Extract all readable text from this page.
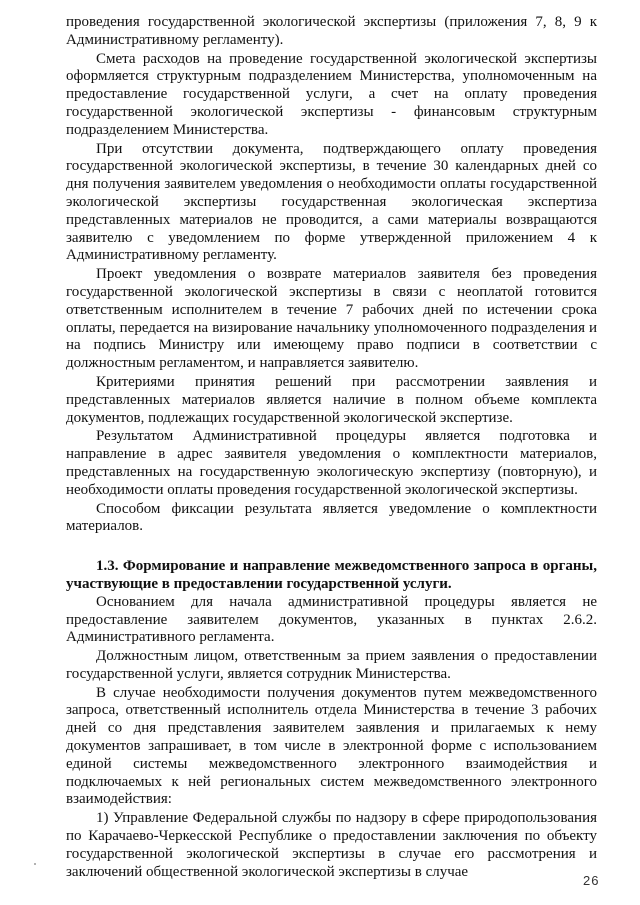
проведения государственной экологической экспертизы (приложения 7, 8, 9 к Административному регламенту).

Смета расходов на проведение государственной экологической экспертизы оформляется структурным подразделением Министерства, уполномоченным на предоставление государственной услуги, а счет на оплату проведения государственной экологической экспертизы - финансовым структурным подразделением Министерства.

При отсутствии документа, подтверждающего оплату проведения государственной экологической экспертизы, в течение 30 календарных дней со дня получения заявителем уведомления о необходимости оплаты государственной экологической экспертизы государственная экологическая экспертиза представленных материалов не проводится, а сами материалы возвращаются заявителю с уведомлением по форме утвержденной приложением 4 к Административному регламенту.

Проект уведомления о возврате материалов заявителя без проведения государственной экологической экспертизы в связи с неоплатой готовится ответственным исполнителем в течение 7 рабочих дней по истечении срока оплаты, передается на визирование начальнику уполномоченного подразделения и на подпись Министру или имеющему право подписи в соответствии с должностным регламентом, и направляется заявителю.

Критериями принятия решений при рассмотрении заявления и представленных материалов является наличие в полном объеме комплекта документов, подлежащих государственной экологической экспертизе.

Результатом Административной процедуры является подготовка и направление в адрес заявителя уведомления о комплектности материалов, представленных на государственную экологическую экспертизу (повторную), и необходимости оплаты проведения государственной экологической экспертизы.

Способом фиксации результата является уведомление о комплектности материалов.

1.3. Формирование и направление межведомственного запроса в органы, участвующие в предоставлении государственной услуги.

Основанием для начала административной процедуры является не предоставление заявителем документов, указанных в пунктах 2.6.2. Административного регламента.

Должностным лицом, ответственным за прием заявления о предоставлении государственной услуги, является сотрудник Министерства.

В случае необходимости получения документов путем межведомственного запроса, ответственный исполнитель отдела Министерства в течение 3 рабочих дней со дня представления заявителем заявления и прилагаемых к нему документов запрашивает, в том числе в электронной форме с использованием единой системы межведомственного электронного взаимодействия и подключаемых к ней региональных систем межведомственного электронного взаимодействия:

1) Управление Федеральной службы по надзору в сфере природопользования по Карачаево-Черкесской Республике о предоставлении заключения по объекту государственной экологической экспертизы в случае его рассмотрения и заключений общественной экологической экспертизы в случае

26
